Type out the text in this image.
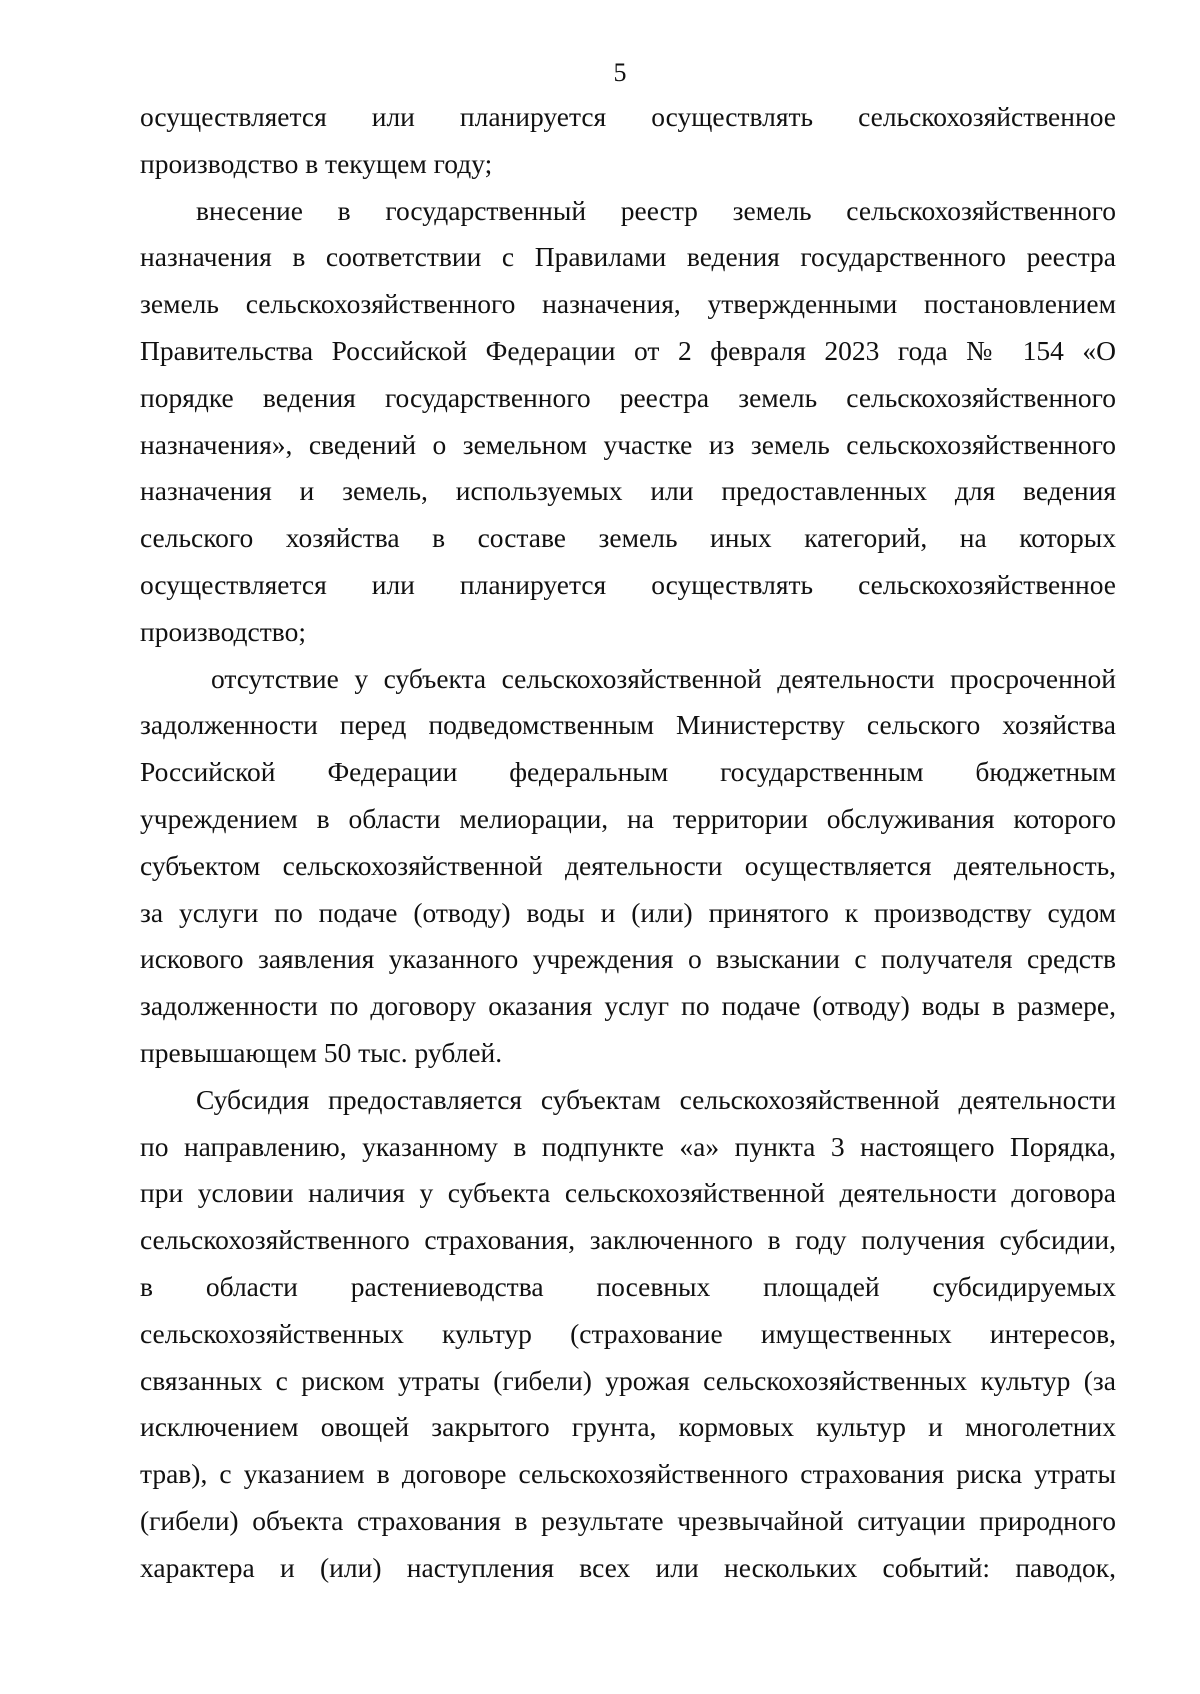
5

осуществляется или планируется осуществлять сельскохозяйственное
производство в текущем году;

внесение в государственный реестр земель сельскохозяйственного
назначения в соответствии с Правилами ведения государственного реестра
земель сельскохозяйственного назначения, утвержденными постановлением
Правительства Российской Федерации от 2 февраля 2023 года № 154 «О
порядке ведения государственного реестра земель сельскохозяйственного
назначения», сведений о земельном участке из земель сельскохозяйственного
назначения и земель, используемых или предоставленных для ведения
сельского хозяйства в составе земель иных категорий, на которых
осуществляется или планируется осуществлять сельскохозяйственное
производство;

отсутствие у субъекта сельскохозяйственной деятельности просроченной
задолженности перед подведомственным Министерству сельского хозяйства
Российской Федерации федеральным государственным бюджетным
учреждением в области мелиорации, на территории обслуживания которого
субъектом сельскохозяйственной деятельности осуществляется деятельность,
за услуги по подаче (отводу) воды и (или) принятого к производству судом
искового заявления указанного учреждения о взыскании с получателя средств
задолженности по договору оказания услуг по подаче (отводу) воды в размере,
превышающем 50 тыс. рублей.

Субсидия предоставляется субъектам сельскохозяйственной деятельности
по направлению, указанному в подпункте «а» пункта 3 настоящего Порядка,
при условии наличия у субъекта сельскохозяйственной деятельности договора
сельскохозяйственного страхования, заключенного в году получения субсидии,
в области растениеводства посевных площадей субсидируемых
сельскохозяйственных культур (страхование имущественных интересов,
связанных с риском утраты (гибели) урожая сельскохозяйственных культур (за
исключением овощей закрытого грунта, кормовых культур и многолетних
трав), с указанием в договоре сельскохозяйственного страхования риска утраты
(гибели) объекта страхования в результате чрезвычайной ситуации природного
характера и (или) наступления всех или нескольких событий: паводок,
